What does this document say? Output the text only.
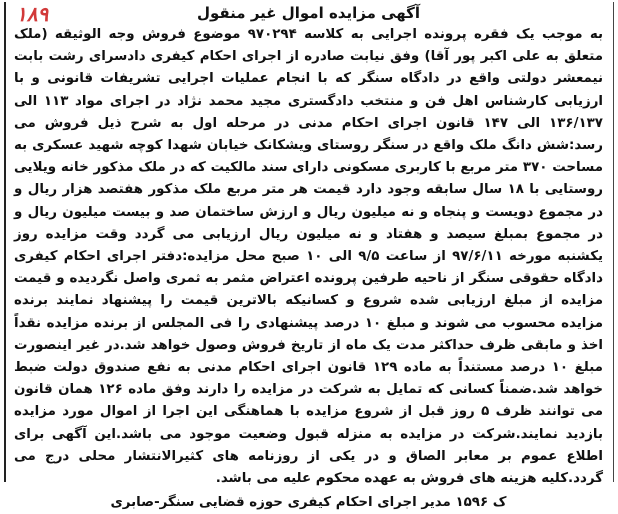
۱۸۹	آگهی مزایده اموال غیر منقول

به موجب یک فقره پرونده اجرایی به کلاسه ۹۷۰۲۹۴ موضوع فروش وجه الوثیقه (ملک متعلق به علی اکبر پور آقا) وفق نیابت صادره از اجرای احکام کیفری دادسرای رشت بابت نیمعشر دولتی واقع در دادگاه سنگر که با انجام عملیات اجرایی تشریفات قانونی و با ارزیابی کارشناس اهل فن و منتخب دادگستری مجید محمد نژاد در اجرای مواد ۱۱۳ الی ۱۳۶/۱۳۷ الی ۱۴۷ قانون اجرای احکام مدنی در مرحله اول به شرح ذیل فروش می رسد:شش دانگ ملک واقع در سنگر روستای ویشکانک خیابان شهدا کوچه شهید عسکری به مساحت ۳۷۰ متر مربع با کاربری مسکونی دارای سند مالکیت که در ملک مذکور خانه ویلایی روستایی با ۱۸ سال سابقه وجود دارد قیمت هر متر مربع ملک مذکور هفتصد هزار ریال و در مجموع دویست و پنجاه و نه میلیون ریال و ارزش ساختمان صد و بیست میلیون ریال و در مجموع بمبلغ سیصد و هفتاد و نه میلیون ریال ارزیابی می گردد وقت مزایده روز یکشنبه مورخه ۹۷/۶/۱۱ از ساعت ۹/۵ الی ۱۰ صبح محل مزایده:دفتر اجرای احکام کیفری دادگاه حقوقی سنگر از ناحیه طرفین پرونده اعتراض مثمر به ثمری واصل نگردیده و قیمت مزایده از مبلغ ارزیابی شده شروع و کسانیکه بالاترین قیمت را پیشنهاد نمایند برنده مزایده محسوب می شوند و مبلغ ۱۰ درصد پیشنهادی را فی المجلس از برنده مزایده نقداً اخذ و مابقی ظرف حداکثر مدت یک ماه از تاریخ فروش وصول خواهد شد.در غیر اینصورت مبلغ ۱۰ درصد مستنداً به ماده ۱۲۹ قانون اجرای احکام مدنی به نفع صندوق دولت ضبط خواهد شد.ضمناً کسانی که تمایل به شرکت در مزایده را دارند وفق ماده ۱۲۶ همان قانون می توانند ظرف ۵ روز قبل از شروع مزایده با هماهنگی این اجرا از اموال مورد مزایده بازدید نمایند.شرکت در مزایده به منزله قبول وضعیت موجود می باشد.این آگهی برای اطلاع عموم بر معابر الصاق و در یکی از روزنامه های کثیرالانتشار محلی درج می گردد.کلیه هزینه های فروش به عهده محکوم علیه می باشد.

ک ۱۵۹۶ مدیر اجرای احکام کیفری حوزه قضایی سنگر-صابری
